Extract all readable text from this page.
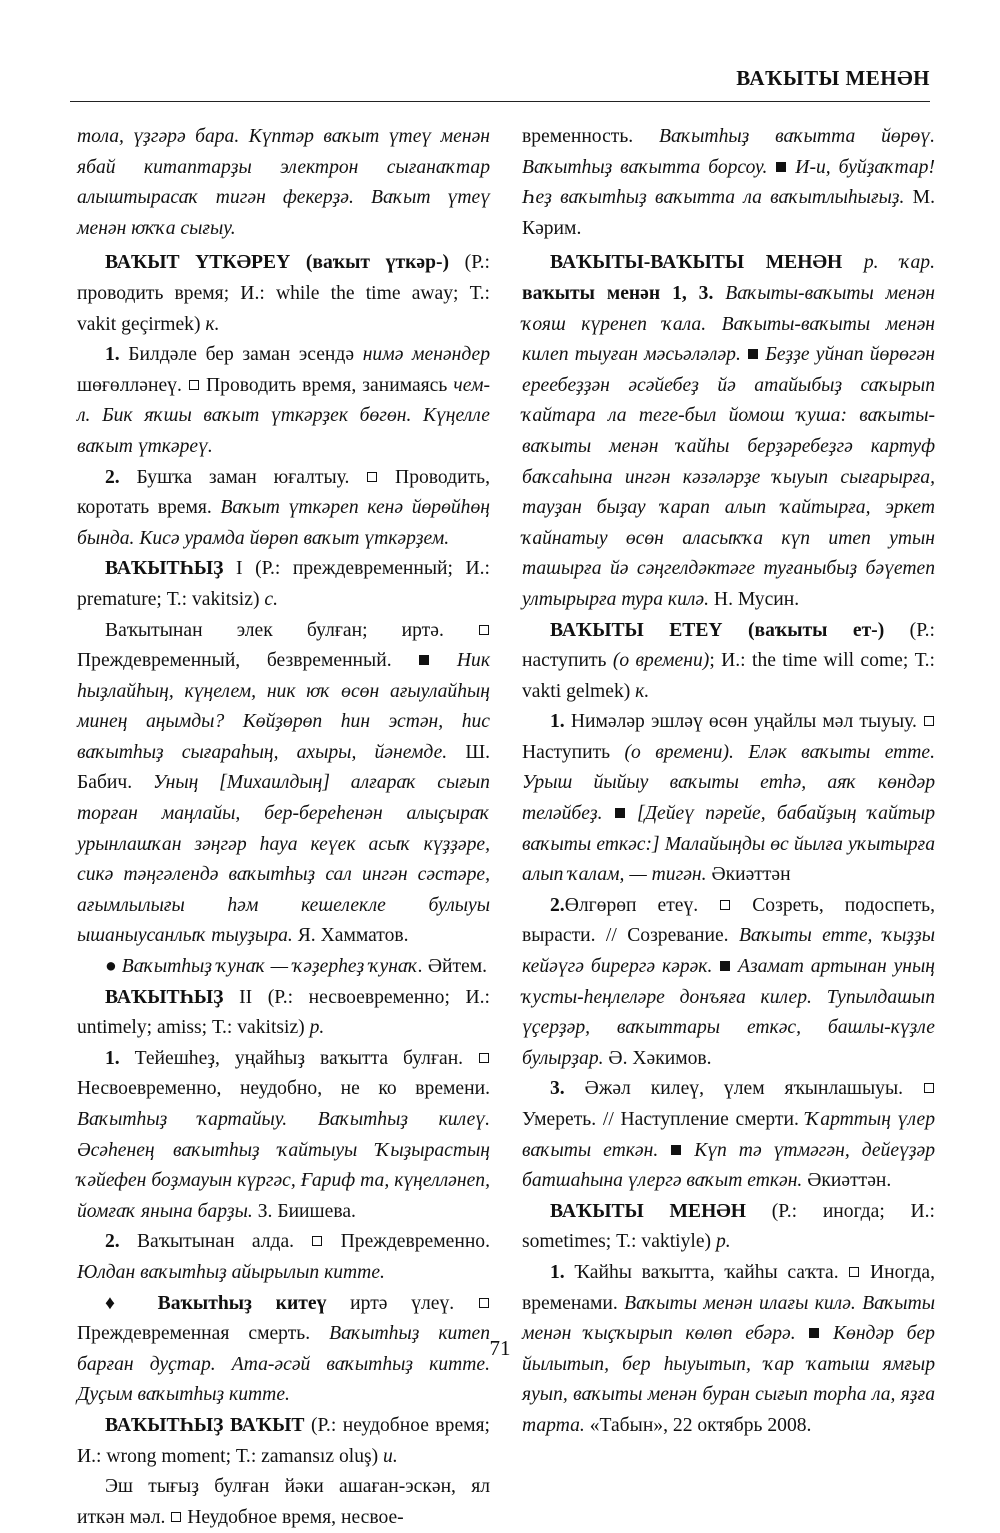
ВАҠЫТЫ МЕНӘН

тола, үҙгәрә бара. Күптәр ваҡыт үтеү менән ябай китаптарҙы электрон сығанаҡтар алыштырасаҡ тигән фекерҙә. Ваҡыт үтеү менән юҡҡа сығыу.

ВАҠЫТ ҮТКӘРЕҮ (ваҡыт үткәр-) (Р.: проводить время; И.: while the time away; Т.: vakit geçirmek) к.

1. Билдәле бер заман эсендә нимә менәндер шөғөлләнеү.  Проводить время, занимаясь чем-л. Бик яҡшы ваҡыт үткәрҙек бөгөн. Күңелле ваҡыт үткәреү.

2. Бушҡа заман юғалтыу.  Проводить, коротать время. Ваҡыт үткәреп кенә йөрөйһөң бында. Кисә урамда йөрөп ваҡыт үткәрҙем.

ВАҠЫТҺЫҘ I (Р.: преждевременный; И.: premature; Т.: vakitsiz) с.

Ваҡытынан элек булған; иртә.  Преждевременный, безвременный.  Ник һыҙлайһың, күңелем, ник юҡ өсөн ағыулайһың минең аңымды? Көйҙөрөп һин эстән, һис ваҡытһыҙ сығараһың, ахыры, йәнемде. Ш. Бабич. Уның [Михаилдың] алғараҡ сығып торған маңлайы, бер-береһенән алыҫыраҡ урынлашҡан зәңгәр һауа кеүек асыҡ күҙҙәре, сикә тәңгәлендә ваҡытһыҙ сал ингән сәстәре, ағымлылығы һәм кешелеклe булыуы ышаныусанлыҡ тыуҙыра. Я. Хамматов.

● Ваҡытһыҙ ҡунаҡ — ҡәҙерһеҙ ҡунаҡ. Әйтем.

ВАҠЫТҺЫҘ II (Р.: несвоевременно; И.: untimely; amiss; Т.: vakitsiz) р.

1. Тейешһеҙ, уңайһыҙ ваҡытта булған.  Несвоевременно, неудобно, не ко времени. Ваҡытһыҙ ҡартайыу. Ваҡытһыҙ килеү. Әсәһенең ваҡытһыҙ ҡайтыуы Ҡыҙырастың ҡәйефен боҙмауын күргәс, Ғариф та, күңелләнеп, йомғаҡ янына барҙы. З. Биишева.

2. Ваҡытынан алда.  Преждевременно. Юлдан ваҡытһыҙ айырылып китте.

♦ Ваҡытһыҙ китеү иртә үлеү.  Преждевременная смерть. Ваҡытһыҙ китеп барған дуҫтар. Ата-әсәй ваҡытһыҙ китте. Дуҫым ваҡытһыҙ китте.

ВАҠЫТҺЫҘ ВАҠЫТ (Р.: неудобное время; И.: wrong moment; Т.: zamansız oluş) и.

Эш тығыҙ булған йәки ашаған-эскән, ял иткән мәл.  Неудобное время, несвое-

временность. Ваҡытһыҙ ваҡытта йөрөү. Ваҡытһыҙ ваҡытта борсоу.  И-и, буйҙаҡтар! Һеҙ ваҡытһыҙ ваҡытта ла ваҡытлыһығыҙ. М. Кәрим.

ВАҠЫТЫ-ВАҠЫТЫ МЕНӘН р. ҡар. ваҡыты менән 1, 3. Ваҡыты-ваҡыты менән ҡояш күренеп ҡала. Ваҡыты-ваҡыты менән килеп тыуған мәсьәләләр.  Беҙҙе уйнап йөрөгән ереебеҙҙән әсәйебеҙ йә атайыбыҙ саҡырып ҡайтара ла теге-был йомош ҡуша: ваҡыты-ваҡыты менән ҡайһы берҙәребеҙгә картуф баҡсаһына ингән кәзәләрҙе ҡыуып сығарырға, тауҙан быҙау ҡарап алып ҡайтырға, эркет ҡайнатыу өсөн аласыҡҡа күп итеп утын ташырға йә сәңгелдәктәге туғаныбыҙ бәүетеп ултырырға тура килә. Н. Мусин.

ВАҠЫТЫ ЕТЕҮ (ваҡыты ет-) (Р.: наступить (о времени); И.: the time will come; Т.: vakti gelmek) к.

1. Нимәләр эшләү өсөн уңайлы мәл тыуыу.  Наступить (о времени). Еләк ваҡыты етте. Урыш йыйыу ваҡыты етһә, аяҡ көндәр теләйбеҙ.  [Дейеү пәрейе, бабайҙың ҡайтыр ваҡыты еткәс:] Малайыңды өс йылға уҡытырға алып ҡалам, — тигән. Әкиәттән

2.Өлгөрөп етеү.  Созреть, подоспеть, вырасти. // Созревание. Ваҡыты етте, ҡыҙҙы кейәүгә бирергә кәрәк.  Азамат артынан уның ҡусты-һеңлеләре донъяға килер. Тупылдашып үҫерҙәр, ваҡыттары еткәс, башлы-күҙле булырҙар. Ә. Хәкимов.

3. Әжәл килеү, үлем яҡынлашыуы.  Умереть. // Наступление смерти. Ҡарттың үлер ваҡыты еткән.  Күп тә үтмәгән, дейеүҙәр батшаһына үлергә ваҡыт еткән. Әкиәттән.

ВАҠЫТЫ МЕНӘН (Р.: иногда; И.: sometimes; Т.: vaktiyle) р.

1. Ҡайһы ваҡытта, ҡайһы саҡта.  Иногда, временами. Ваҡыты менән илағы килә. Ваҡыты менән ҡыҫҡырып көлөп ебәрә.  Көндәр бер йылытып, бер һыуытып, ҡар ҡатыш ямғыр яуып, ваҡыты менән буран сығып торһа ла, яҙға тарта. «Табын», 22 октябрь 2008.

71
